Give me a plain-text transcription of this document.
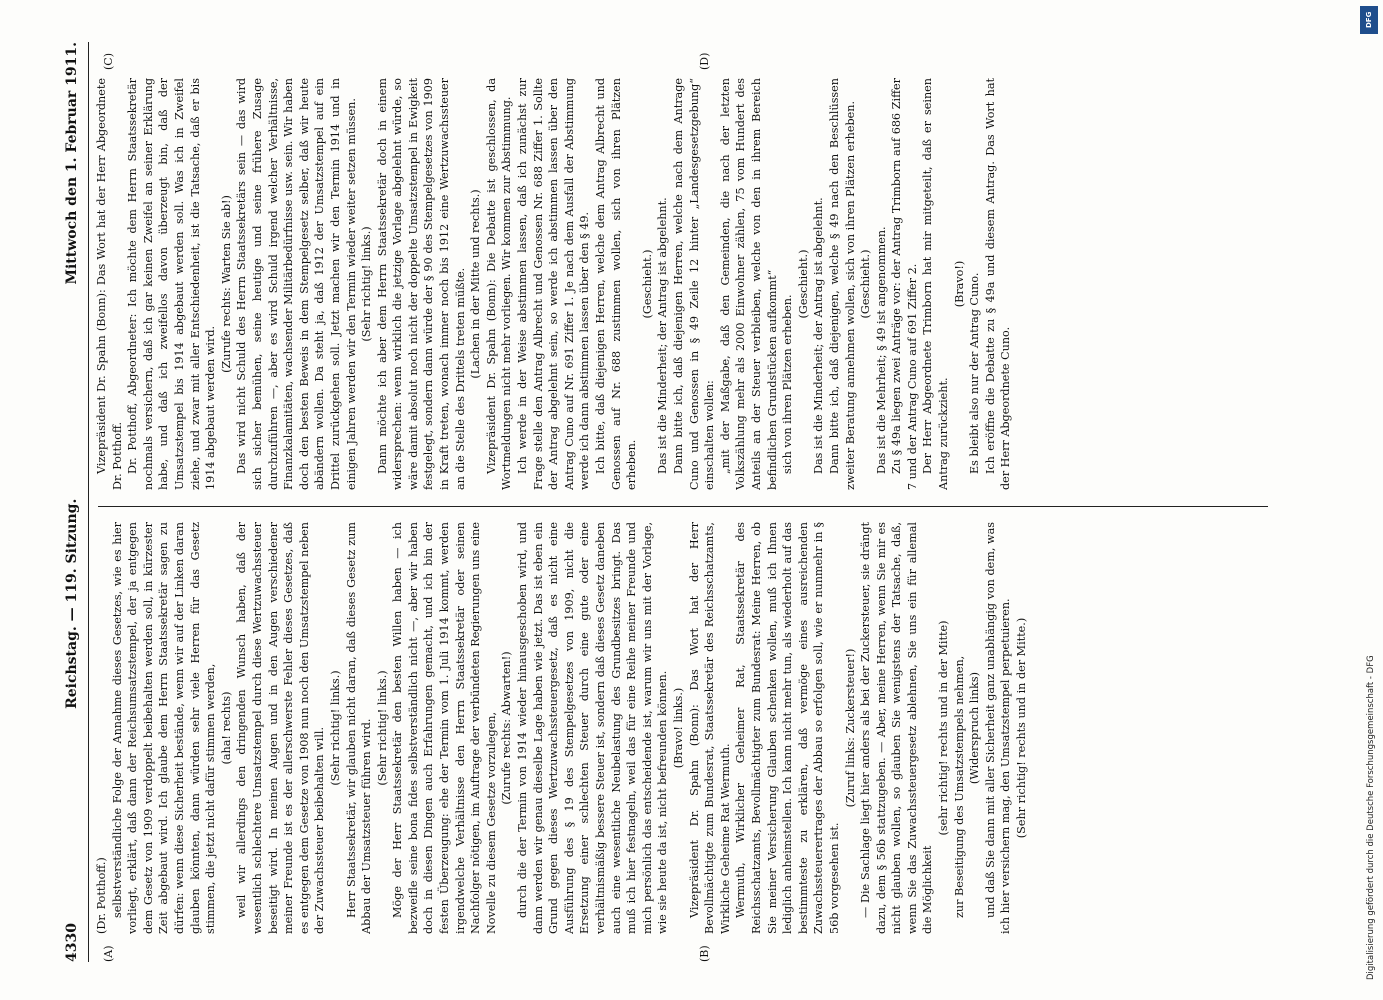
4330
Reichstag. — 119. Sitzung.
Mittwoch den 1. Februar 1911.
(A)	(B)
(C)	(D)

(Dr. Potthoff.) selbstverständliche Folge der Annahme dieses Gesetzes, wie es hier vorliegt, erklärt, daß dann der Reichsumsatzstempel, der ja entgegen dem Gesetz von 1909 verdoppelt beibehalten werden soll, in kürzester Zeit abgebaut wird. Ich glaube dem Herrn Staatssekretär sagen zu dürfen: wenn diese Sicherheit bestände, wenn wir auf der Linken daran glauben könnten, dann würden sehr viele Herren für das Gesetz stimmen, die jetzt nicht dafür stimmen werden, (aha! rechts) weil wir allerdings den dringenden Wunsch haben, daß der wesentlich schlechtere Umsatzstempel durch diese Wertzuwachssteuer beseitigt wird. In meinen Augen und in den Augen verschiedener meiner Freunde ist es der allerschwerste Fehler dieses Gesetzes, daß es entgegen dem Gesetze von 1908 nun noch den Umsatzstempel neben der Zuwachssteuer beibehalten will. (Sehr richtig! links.) Herr Staatssekretär, wir glauben nicht daran, daß dieses Gesetz zum Abbau der Umsatzsteuer führen wird. (Sehr richtig! links.) Möge der Herr Staatssekretär den besten Willen haben — ich bezweifle seine bona fides selbstverständlich nicht —, aber wir haben doch in diesen Dingen auch Erfahrungen gemacht, und ich bin der festen Überzeugung: ehe der Termin vom 1. Juli 1914 kommt, werden irgendwelche Verhältnisse den Herrn Staatssekretär oder seinen Nachfolger nötigen, im Auftrage der verbündeten Regierungen uns eine Novelle zu diesem Gesetze vorzulegen, (Zurufe rechts: Abwarten!) durch die der Termin von 1914 wieder hinausgeschoben wird, und dann werden wir genau dieselbe Lage haben wie jetzt. Das ist eben ein Grund gegen dieses Wertzuwachssteuergesetz, daß es nicht eine Ausführung des § 19 des Stempelgesetzes von 1909, nicht die Ersetzung einer schlechten Steuer durch eine gute oder eine verhältnismäßig bessere Steuer ist, sondern daß dieses Gesetz daneben auch eine wesentliche Neubelastung des Grundbesitzes bringt. Das muß ich hier festnageln, weil das für eine Reihe meiner Freunde und mich persönlich das entscheidende ist, warum wir uns mit der Vorlage, wie sie heute da ist, nicht befreunden können. (Bravo! links.) Vizepräsident Dr. Spahn (Bonn): Das Wort hat der Herr Bevollmächtigte zum Bundesrat, Staatssekretär des Reichsschatzamts, Wirkliche Geheime Rat Wermuth. Wermuth, Wirklicher Geheimer Rat, Staatssekretär des Reichsschatzamts, Bevollmächtigter zum Bundesrat: Meine Herren, ob Sie meiner Versicherung Glauben schenken wollen, muß ich Ihnen lediglich anheimstellen. Ich kann nicht mehr tun, als wiederholt auf das bestimmteste zu erklären, daß vermöge eines ausreichenden Zuwachssteuerertrages der Abbau so erfolgen soll, wie er nunmehr in § 56b vorgesehen ist.

(Zuruf links: Zuckersteuer!) — Die Sachlage liegt hier anders als bei der Zuckersteuer, sie drängt dazu, dem § 56b stattzugeben. — Aber, meine Herren, wenn Sie mir es nicht glauben wollen, so glauben Sie wenigstens der Tatsache, daß, wenn Sie das Zuwachssteuergesetz ablehnen, Sie uns ein für allemal die Möglichkeit

(sehr richtig! rechts und in der Mitte) zur Beseitigung des Umsatzstempels nehmen, (Widerspruch links) und daß Sie dann mit aller Sicherheit ganz unabhängig von dem, was ich hier versichern mag, den Umsatzstempel perpetuieren. (Sehr richtig! rechts und in der Mitte.)

Vizepräsident Dr. Spahn (Bonn): Das Wort hat der Herr Abgeordnete Dr. Potthoff. Dr. Potthoff, Abgeordneter: Ich möchte dem Herrn Staatssekretär nochmals versichern, daß ich gar keinen Zweifel an seiner Erklärung habe, und daß ich zweifellos davon überzeugt bin, daß der Umsatzstempel bis 1914 abgebaut werden soll. Was ich in Zweifel ziehe, und zwar mit aller Entschiedenheit, ist die Tatsache, daß er bis 1914 abgebaut werden wird.

(Zurufe rechts: Warten Sie ab!) Das wird nicht Schuld des Herrn Staatssekretärs sein — das wird sich sicher bemühen, seine heutige und seine frühere Zusage durchzuführen —, aber es wird Schuld irgend welcher Verhältnisse, Finanzkalamitäten, wachsender Militärbedürfnisse usw. sein. Wir haben doch den besten Beweis in dem Stempelgesetz selber, daß wir heute abändern wollen. Da steht ja, daß 1912 der Umsatzstempel auf ein Drittel zurückgehen soll. Jetzt machen wir den Termin 1914 und in einigen Jahren werden wir den Termin wieder weiter setzen müssen. (Sehr richtig! links.) Dann möchte ich aber dem Herrn Staatssekretär doch in einem widersprechen: wenn wirklich die jetzige Vorlage abgelehnt würde, so wäre damit absolut noch nicht der doppelte Umsatzstempel in Ewigkeit festgelegt, sondern dann würde der § 90 des Stempelgesetzes von 1909 in Kraft treten, wonach immer noch bis 1912 eine Wertzuwachssteuer an die Stelle des Drittels treten müßte. (Lachen in der Mitte und rechts.) Vizepräsident Dr. Spahn (Bonn): Die Debatte ist geschlossen, da Wortmeldungen nicht mehr vorliegen. Wir kommen zur Abstimmung. Ich werde in der Weise abstimmen lassen, daß ich zunächst zur Frage stelle den Antrag Albrecht und Genossen Nr. 688 Ziffer 1. Sollte der Antrag abgelehnt sein, so werde ich abstimmen lassen über den Antrag Cuno auf Nr. 691 Ziffer 1. Je nach dem Ausfall der Abstimmung werde ich dann abstimmen lassen über den § 49. Ich bitte, daß diejenigen Herren, welche dem Antrag Albrecht und Genossen auf Nr. 688 zustimmen wollen, sich von ihren Plätzen erheben.

(Geschieht.) Das ist die Minderheit; der Antrag ist abgelehnt. Dann bitte ich, daß diejenigen Herren, welche nach dem Antrage Cuno und Genossen in § 49 Zeile 12 hinter „Landesgesetzgebung“ einschalten wollen: „mit der Maßgabe, daß den Gemeinden, die nach der letzten Volkszählung mehr als 2000 Einwohner zählen, 75 vom Hundert des Anteils an der Steuer verbleiben, welche von den in ihrem Bereich befindlichen Grundstücken aufkommt“ sich von ihren Plätzen erheben.

(Geschieht.) Das ist die Minderheit; der Antrag ist abgelehnt. Dann bitte ich, daß diejenigen, welche § 49 nach den Beschlüssen zweiter Beratung annehmen wollen, sich von ihren Plätzen erheben. (Geschieht.) Das ist die Mehrheit; § 49 ist angenommen. Zu § 49a liegen zwei Anträge vor: der Antrag Trimborn auf 686 Ziffer 7 und der Antrag Cuno auf 691 Ziffer 2. Der Herr Abgeordnete Trimborn hat mir mitgeteilt, daß er seinen Antrag zurückzieht.

(Bravo!) Es bleibt also nur der Antrag Cuno. Ich eröffne die Debatte zu § 49a und diesem Antrag. Das Wort hat der Herr Abgeordnete Cuno.

DFG
Digitalisierung gefördert durch die Deutsche Forschungsgemeinschaft - DFG
